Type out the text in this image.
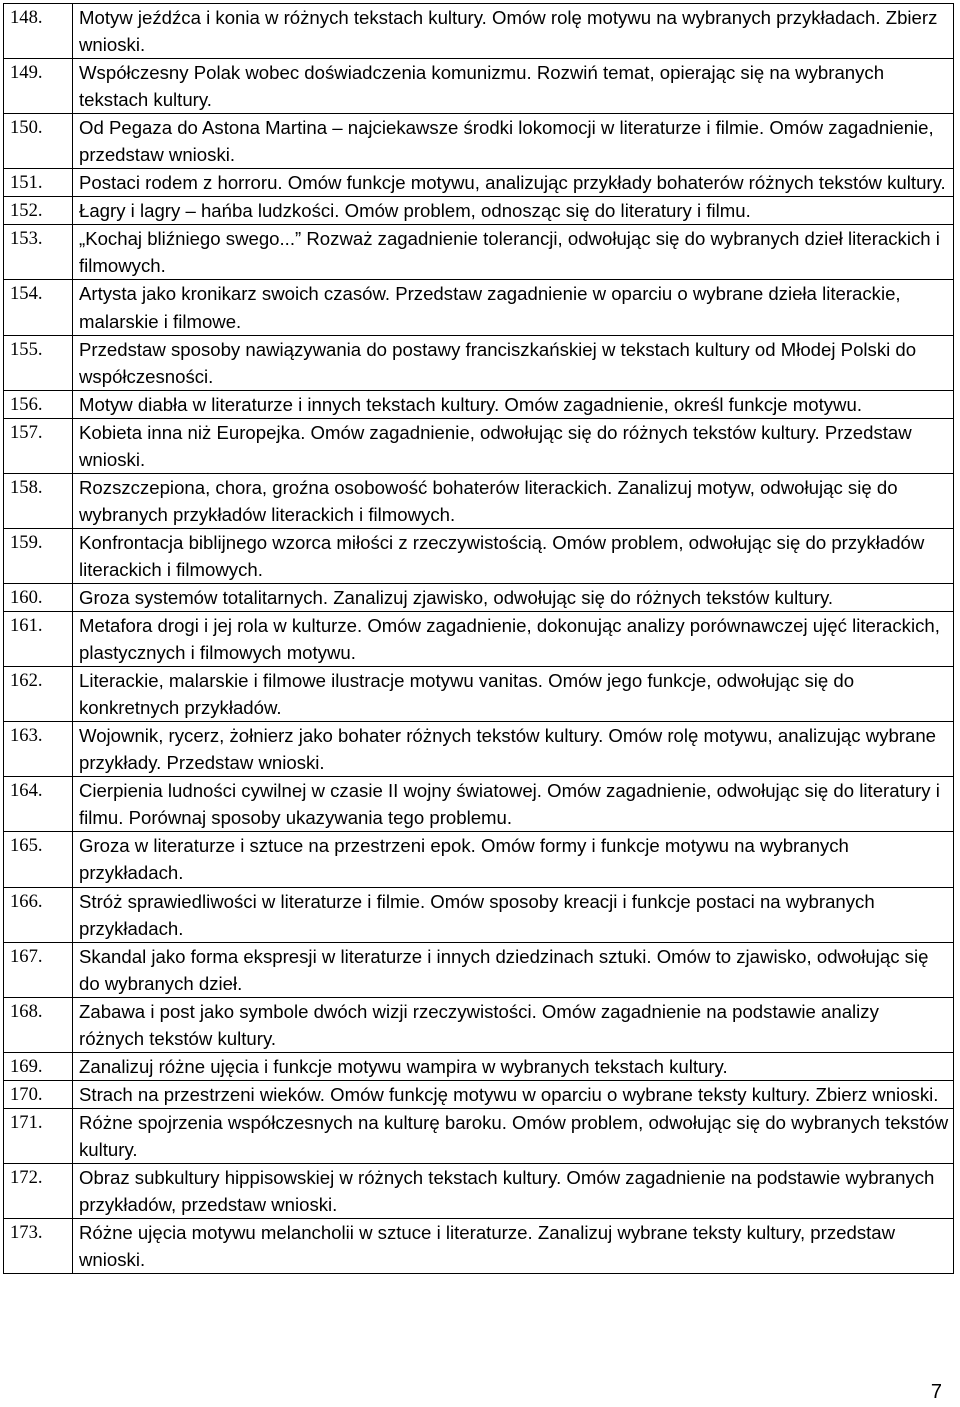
148.	Motyw jeźdźca i konia w różnych tekstach kultury. Omów rolę motywu na wybranych przykładach. Zbierz wnioski.
149.	Współczesny Polak wobec doświadczenia komunizmu. Rozwiń temat, opierając się na wybranych tekstach kultury.
150.	Od Pegaza do Astona Martina – najciekawsze środki lokomocji w literaturze i filmie. Omów zagadnienie, przedstaw wnioski.
151.	Postaci rodem z horroru. Omów funkcje motywu, analizując przykłady bohaterów różnych tekstów kultury.
152.	Łagry i lagry – hańba ludzkości. Omów problem, odnosząc się do literatury i filmu.
153.	„Kochaj bliźniego swego...” Rozważ zagadnienie tolerancji, odwołując się do wybranych dzieł literackich i filmowych.
154.	Artysta jako kronikarz swoich czasów. Przedstaw zagadnienie w oparciu o wybrane dzieła literackie, malarskie i filmowe.
155.	Przedstaw sposoby nawiązywania do postawy franciszkańskiej w tekstach kultury od Młodej Polski do współczesności.
156.	Motyw diabła w literaturze i innych tekstach kultury. Omów zagadnienie, określ funkcje motywu.
157.	Kobieta inna niż Europejka. Omów zagadnienie, odwołując się do różnych tekstów kultury. Przedstaw wnioski.
158.	Rozszczepiona, chora, groźna osobowość bohaterów literackich. Zanalizuj motyw, odwołując się do wybranych przykładów literackich i filmowych.
159.	Konfrontacja biblijnego wzorca miłości z rzeczywistością. Omów problem, odwołując się do przykładów literackich i filmowych.
160.	Groza systemów totalitarnych. Zanalizuj zjawisko, odwołując się do różnych tekstów kultury.
161.	Metafora drogi i jej rola w kulturze. Omów zagadnienie, dokonując analizy porównawczej ujęć literackich, plastycznych i filmowych motywu.
162.	Literackie, malarskie i filmowe ilustracje motywu vanitas. Omów jego funkcje, odwołując się do konkretnych przykładów.
163.	Wojownik, rycerz, żołnierz jako bohater różnych tekstów kultury. Omów rolę motywu, analizując wybrane przykłady. Przedstaw wnioski.
164.	Cierpienia ludności cywilnej w czasie II wojny światowej. Omów zagadnienie, odwołując się do literatury i filmu. Porównaj sposoby ukazywania tego problemu.
165.	Groza w literaturze i sztuce na przestrzeni epok. Omów formy i funkcje motywu na wybranych przykładach.
166.	Stróż sprawiedliwości w literaturze i filmie. Omów sposoby kreacji i funkcje postaci na wybranych przykładach.
167.	Skandal jako forma ekspresji w literaturze i innych dziedzinach sztuki. Omów to zjawisko, odwołując się do wybranych dzieł.
168.	Zabawa i post jako symbole dwóch wizji rzeczywistości. Omów zagadnienie na podstawie analizy różnych tekstów kultury.
169.	Zanalizuj różne ujęcia i funkcje motywu wampira w wybranych tekstach kultury.
170.	Strach na przestrzeni wieków. Omów funkcję motywu w oparciu o wybrane teksty kultury. Zbierz wnioski.
171.	Różne spojrzenia współczesnych na kulturę baroku. Omów problem, odwołując się do wybranych tekstów kultury.
172.	Obraz subkultury hippisowskiej w różnych tekstach kultury. Omów zagadnienie na podstawie wybranych przykładów, przedstaw wnioski.
173.	Różne ujęcia motywu melancholii w sztuce i literaturze. Zanalizuj wybrane teksty kultury, przedstaw wnioski.
7
